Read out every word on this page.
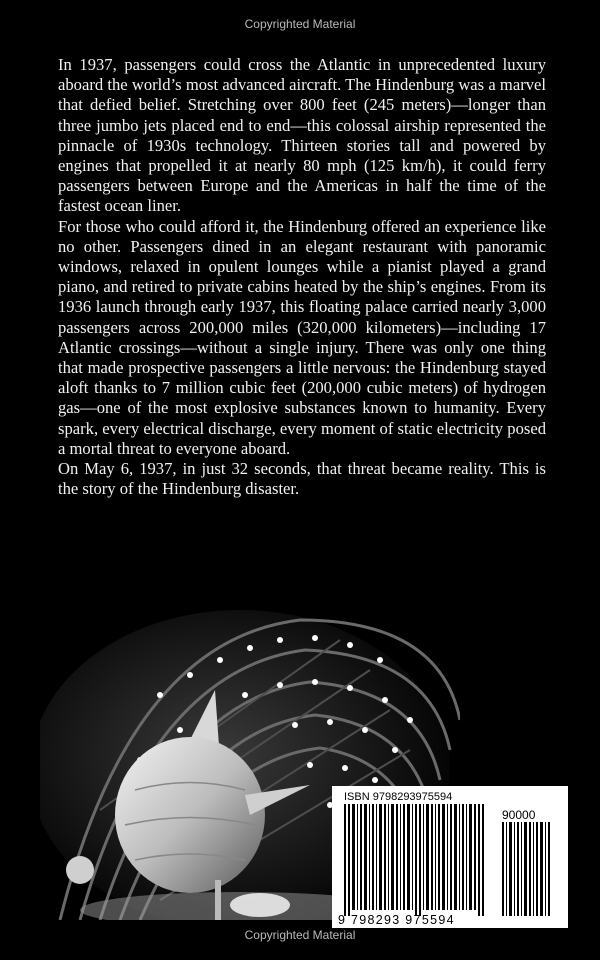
Copyrighted Material

In 1937, passengers could cross the Atlantic in unprecedented luxury aboard the world’s most advanced aircraft. The Hindenburg was a marvel that defied belief. Stretching over 800 feet (245 meters)—longer than three jumbo jets placed end to end—this colossal airship represented the pinnacle of 1930s technology. Thirteen stories tall and powered by engines that propelled it at nearly 80 mph (125 km/h), it could ferry passengers between Europe and the Americas in half the time of the fastest ocean liner.

For those who could afford it, the Hindenburg offered an experience like no other. Passengers dined in an elegant restaurant with panoramic windows, relaxed in opulent lounges while a pianist played a grand piano, and retired to private cabins heated by the ship’s engines. From its 1936 launch through early 1937, this floating palace carried nearly 3,000 passengers across 200,000 miles (320,000 kilometers)—including 17 Atlantic crossings—without a single injury. There was only one thing that made prospective passengers a little nervous: the Hindenburg stayed aloft thanks to 7 million cubic feet (200,000 cubic meters) of hydrogen gas—one of the most explosive substances known to humanity. Every spark, every electrical discharge, every moment of static electricity posed a mortal threat to everyone aboard.

On May 6, 1937, in just 32 seconds, that threat became reality. This is the story of the Hindenburg disaster.

ISBN 9798293975594
90000
9 798293 975594
Copyrighted Material
